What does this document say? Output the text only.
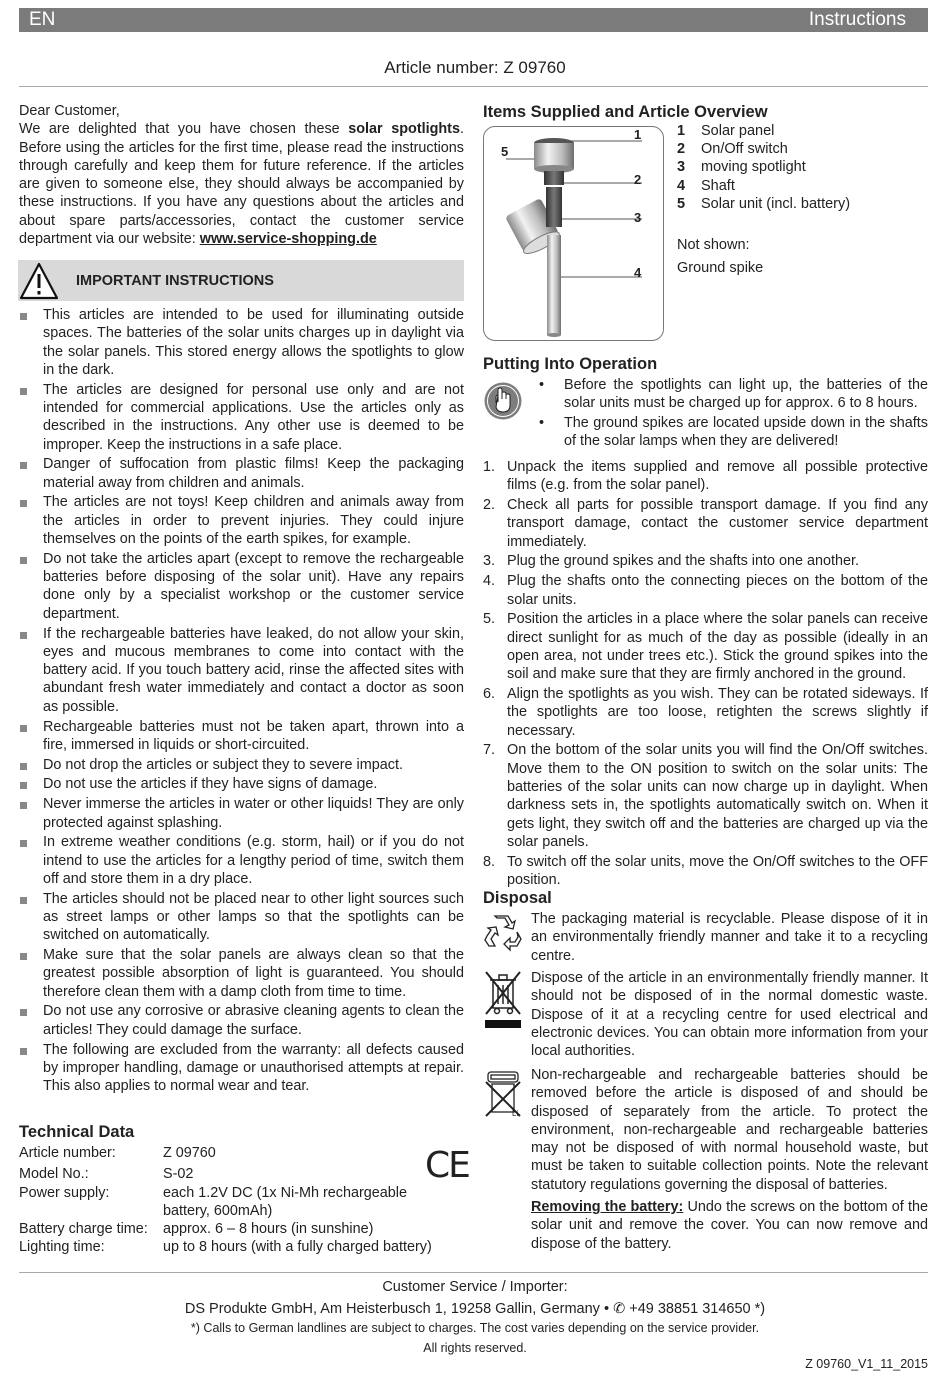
EN	Instructions
Article number: Z 09760
Dear Customer,
We are delighted that you have chosen these solar spotlights. Before using the articles for the first time, please read the instructions through carefully and keep them for future reference. If the articles are given to someone else, they should always be accompanied by these instructions. If you have any questions about the articles and about spare parts/accessories, contact the customer service department via our website: www.service-shopping.de
IMPORTANT INSTRUCTIONS
This articles are intended to be used for illuminating outside spaces. The batteries of the solar units charges up in daylight via the solar panels. This stored energy allows the spotlights to glow in the dark.
The articles are designed for personal use only and are not intended for commercial applications. Use the articles only as described in the instructions. Any other use is deemed to be improper. Keep the instructions in a safe place.
Danger of suffocation from plastic films! Keep the packaging material away from children and animals.
The articles are not toys! Keep children and animals away from the articles in order to prevent injuries. They could injure themselves on the points of the earth spikes, for example.
Do not take the articles apart (except to remove the rechargeable batteries before disposing of the solar unit). Have any repairs done only by a specialist workshop or the customer service department.
If the rechargeable batteries have leaked, do not allow your skin, eyes and mucous membranes to come into contact with the battery acid. If you touch battery acid, rinse the affected sites with abundant fresh water immediately and contact a doctor as soon as possible.
Rechargeable batteries must not be taken apart, thrown into a fire, immersed in liquids or short-circuited.
Do not drop the articles or subject they to severe impact.
Do not use the articles if they have signs of damage.
Never immerse the articles in water or other liquids! They are only protected against splashing.
In extreme weather conditions (e.g. storm, hail) or if you do not intend to use the articles for a lengthy period of time, switch them off and store them in a dry place.
The articles should not be placed near to other light sources such as street lamps or other lamps so that the spotlights can be switched on automatically.
Make sure that the solar panels are always clean so that the greatest possible absorption of light is guaranteed. You should therefore clean them with a damp cloth from time to time.
Do not use any corrosive or abrasive cleaning agents to clean the articles! They could damage the surface.
The following are excluded from the warranty: all defects caused by improper handling, damage or unauthorised attempts at repair. This also applies to normal wear and tear.
Technical Data
Article number:	Z 09760
Model No.:	S-02
Power supply:	each 1.2V DC (1x Ni-Mh rechargeable battery, 600mAh)
Battery charge time: approx. 6 – 8 hours (in sunshine)
Lighting time:	up to 8 hours (with a fully charged battery)
CE
Items Supplied and Article Overview
1
2
3
4
5
1 Solar panel
2 On/Off switch
3 moving spotlight
4 Shaft
5 Solar unit (incl. battery)
Not shown:
Ground spike
Putting Into Operation
• Before the spotlights can light up, the batteries of the solar units must be charged up for approx. 6 to 8 hours.
• The ground spikes are located upside down in the shafts of the solar lamps when they are delivered!
1. Unpack the items supplied and remove all possible protective films (e.g. from the solar panel).
2. Check all parts for possible transport damage. If you find any transport damage, contact the customer service department immediately.
3. Plug the ground spikes and the shafts into one another.
4. Plug the shafts onto the connecting pieces on the bottom of the solar units.
5. Position the articles in a place where the solar panels can receive direct sunlight for as much of the day as possible (ideally in an open area, not under trees etc.). Stick the ground spikes into the soil and make sure that they are firmly anchored in the ground.
6. Align the spotlights as you wish. They can be rotated sideways. If the spotlights are too loose, retighten the screws slightly if necessary.
7. On the bottom of the solar units you will find the On/Off switches. Move them to the ON position to switch on the solar units: The batteries of the solar units can now charge up in daylight. When darkness sets in, the spotlights automatically switch on. When it gets light, they switch off and the batteries are charged up via the solar panels.
8. To switch off the solar units, move the On/Off switches to the OFF position.
Disposal
The packaging material is recyclable. Please dispose of it in an environmentally friendly manner and take it to a recycling centre.
Dispose of the article in an environmentally friendly manner. It should not be disposed of in the normal domestic waste. Dispose of it at a recycling centre for used electrical and electronic devices. You can obtain more information from your local authorities.
Li
Non-rechargeable and rechargeable batteries should be removed before the article is disposed of and should be disposed of separately from the article. To protect the environment, non-rechargeable and rechargeable batteries may not be disposed of with normal household waste, but must be taken to suitable collection points. Note the relevant statutory regulations governing the disposal of batteries.
Removing the battery: Undo the screws on the bottom of the solar unit and remove the cover. You can now remove and dispose of the battery.
Customer Service / Importer:
DS Produkte GmbH, Am Heisterbusch 1, 19258 Gallin, Germany • ✆ +49 38851 314650 *)
*) Calls to German landlines are subject to charges. The cost varies depending on the service provider.
All rights reserved.
Z 09760_V1_11_2015
